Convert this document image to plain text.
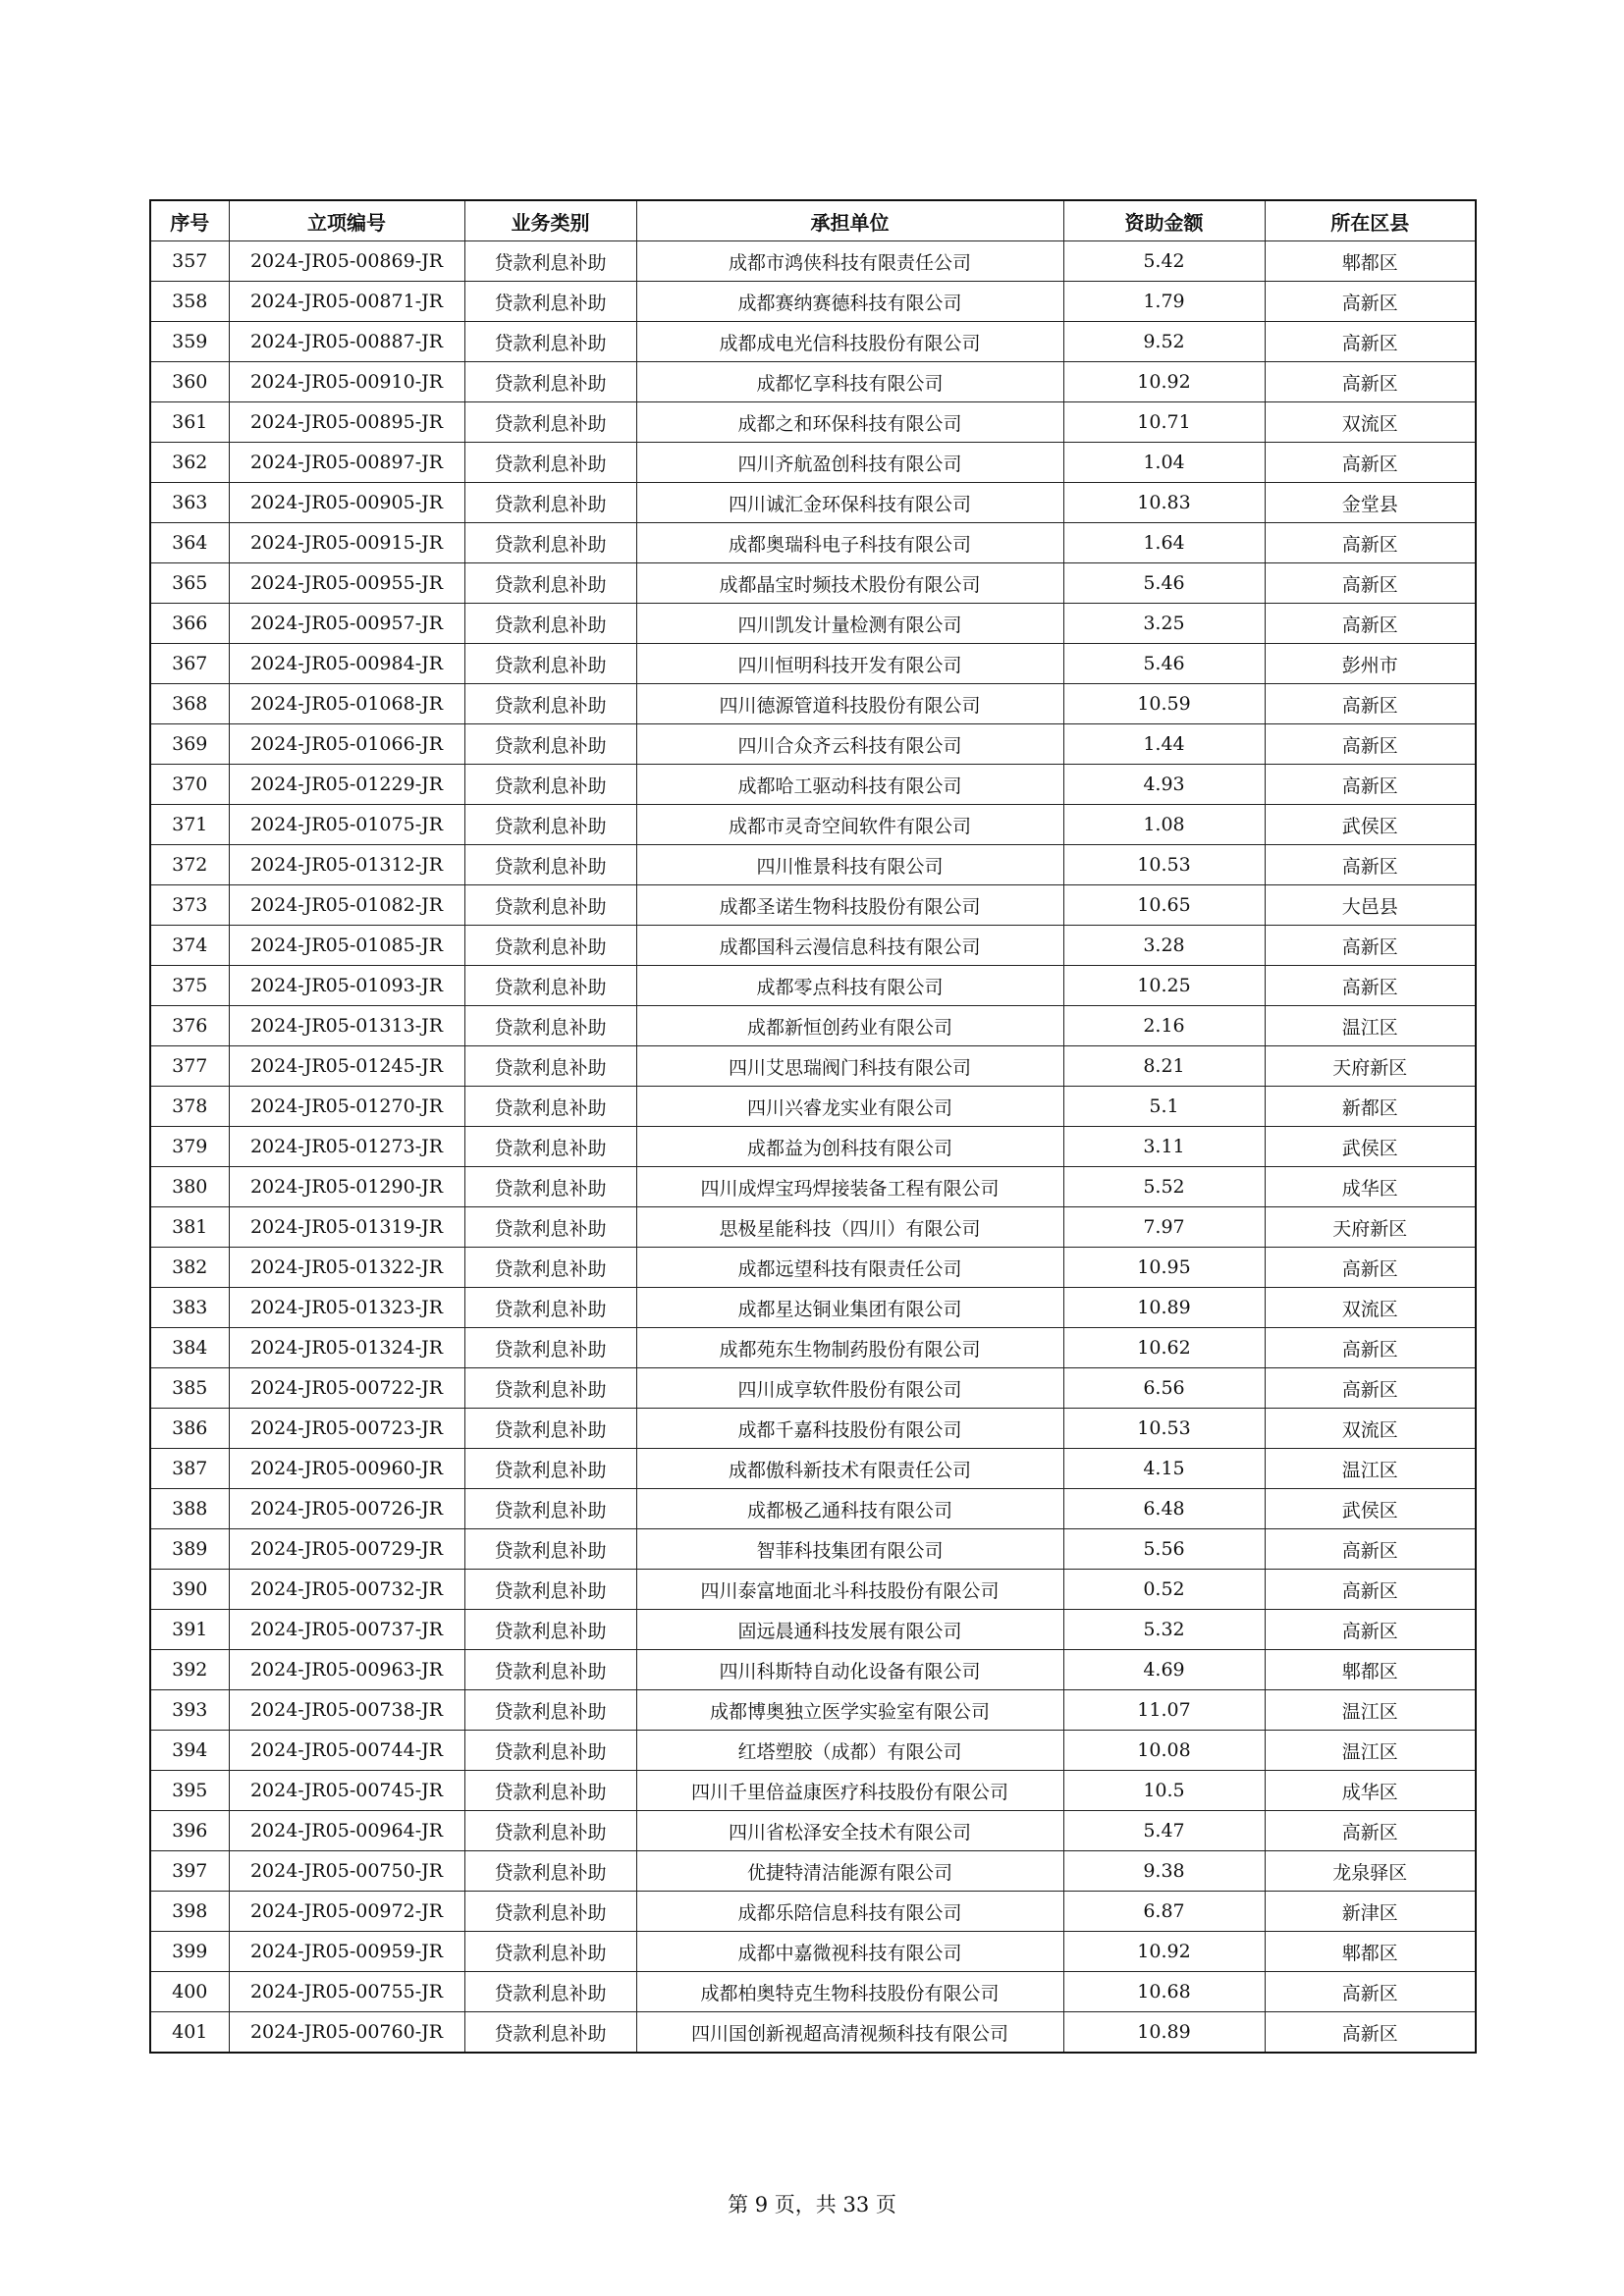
序号	立项编号	业务类别	承担单位	资助金额	所在区县
357	2024-JR05-00869-JR	贷款利息补助	成都市鸿侠科技有限责任公司	5.42	郫都区
358	2024-JR05-00871-JR	贷款利息补助	成都赛纳赛德科技有限公司	1.79	高新区
359	2024-JR05-00887-JR	贷款利息补助	成都成电光信科技股份有限公司	9.52	高新区
360	2024-JR05-00910-JR	贷款利息补助	成都忆享科技有限公司	10.92	高新区
361	2024-JR05-00895-JR	贷款利息补助	成都之和环保科技有限公司	10.71	双流区
362	2024-JR05-00897-JR	贷款利息补助	四川齐航盈创科技有限公司	1.04	高新区
363	2024-JR05-00905-JR	贷款利息补助	四川诚汇金环保科技有限公司	10.83	金堂县
364	2024-JR05-00915-JR	贷款利息补助	成都奥瑞科电子科技有限公司	1.64	高新区
365	2024-JR05-00955-JR	贷款利息补助	成都晶宝时频技术股份有限公司	5.46	高新区
366	2024-JR05-00957-JR	贷款利息补助	四川凯发计量检测有限公司	3.25	高新区
367	2024-JR05-00984-JR	贷款利息补助	四川恒明科技开发有限公司	5.46	彭州市
368	2024-JR05-01068-JR	贷款利息补助	四川德源管道科技股份有限公司	10.59	高新区
369	2024-JR05-01066-JR	贷款利息补助	四川合众齐云科技有限公司	1.44	高新区
370	2024-JR05-01229-JR	贷款利息补助	成都哈工驱动科技有限公司	4.93	高新区
371	2024-JR05-01075-JR	贷款利息补助	成都市灵奇空间软件有限公司	1.08	武侯区
372	2024-JR05-01312-JR	贷款利息补助	四川惟景科技有限公司	10.53	高新区
373	2024-JR05-01082-JR	贷款利息补助	成都圣诺生物科技股份有限公司	10.65	大邑县
374	2024-JR05-01085-JR	贷款利息补助	成都国科云漫信息科技有限公司	3.28	高新区
375	2024-JR05-01093-JR	贷款利息补助	成都零点科技有限公司	10.25	高新区
376	2024-JR05-01313-JR	贷款利息补助	成都新恒创药业有限公司	2.16	温江区
377	2024-JR05-01245-JR	贷款利息补助	四川艾思瑞阀门科技有限公司	8.21	天府新区
378	2024-JR05-01270-JR	贷款利息补助	四川兴睿龙实业有限公司	5.1	新都区
379	2024-JR05-01273-JR	贷款利息补助	成都益为创科技有限公司	3.11	武侯区
380	2024-JR05-01290-JR	贷款利息补助	四川成焊宝玛焊接装备工程有限公司	5.52	成华区
381	2024-JR05-01319-JR	贷款利息补助	思极星能科技（四川）有限公司	7.97	天府新区
382	2024-JR05-01322-JR	贷款利息补助	成都远望科技有限责任公司	10.95	高新区
383	2024-JR05-01323-JR	贷款利息补助	成都星达铜业集团有限公司	10.89	双流区
384	2024-JR05-01324-JR	贷款利息补助	成都苑东生物制药股份有限公司	10.62	高新区
385	2024-JR05-00722-JR	贷款利息补助	四川成享软件股份有限公司	6.56	高新区
386	2024-JR05-00723-JR	贷款利息补助	成都千嘉科技股份有限公司	10.53	双流区
387	2024-JR05-00960-JR	贷款利息补助	成都傲科新技术有限责任公司	4.15	温江区
388	2024-JR05-00726-JR	贷款利息补助	成都极乙通科技有限公司	6.48	武侯区
389	2024-JR05-00729-JR	贷款利息补助	智菲科技集团有限公司	5.56	高新区
390	2024-JR05-00732-JR	贷款利息补助	四川泰富地面北斗科技股份有限公司	0.52	高新区
391	2024-JR05-00737-JR	贷款利息补助	固远晨通科技发展有限公司	5.32	高新区
392	2024-JR05-00963-JR	贷款利息补助	四川科斯特自动化设备有限公司	4.69	郫都区
393	2024-JR05-00738-JR	贷款利息补助	成都博奥独立医学实验室有限公司	11.07	温江区
394	2024-JR05-00744-JR	贷款利息补助	红塔塑胶（成都）有限公司	10.08	温江区
395	2024-JR05-00745-JR	贷款利息补助	四川千里倍益康医疗科技股份有限公司	10.5	成华区
396	2024-JR05-00964-JR	贷款利息补助	四川省松泽安全技术有限公司	5.47	高新区
397	2024-JR05-00750-JR	贷款利息补助	优捷特清洁能源有限公司	9.38	龙泉驿区
398	2024-JR05-00972-JR	贷款利息补助	成都乐陪信息科技有限公司	6.87	新津区
399	2024-JR05-00959-JR	贷款利息补助	成都中嘉微视科技有限公司	10.92	郫都区
400	2024-JR05-00755-JR	贷款利息补助	成都柏奥特克生物科技股份有限公司	10.68	高新区
401	2024-JR05-00760-JR	贷款利息补助	四川国创新视超高清视频科技有限公司	10.89	高新区
第 9 页，共 33 页
